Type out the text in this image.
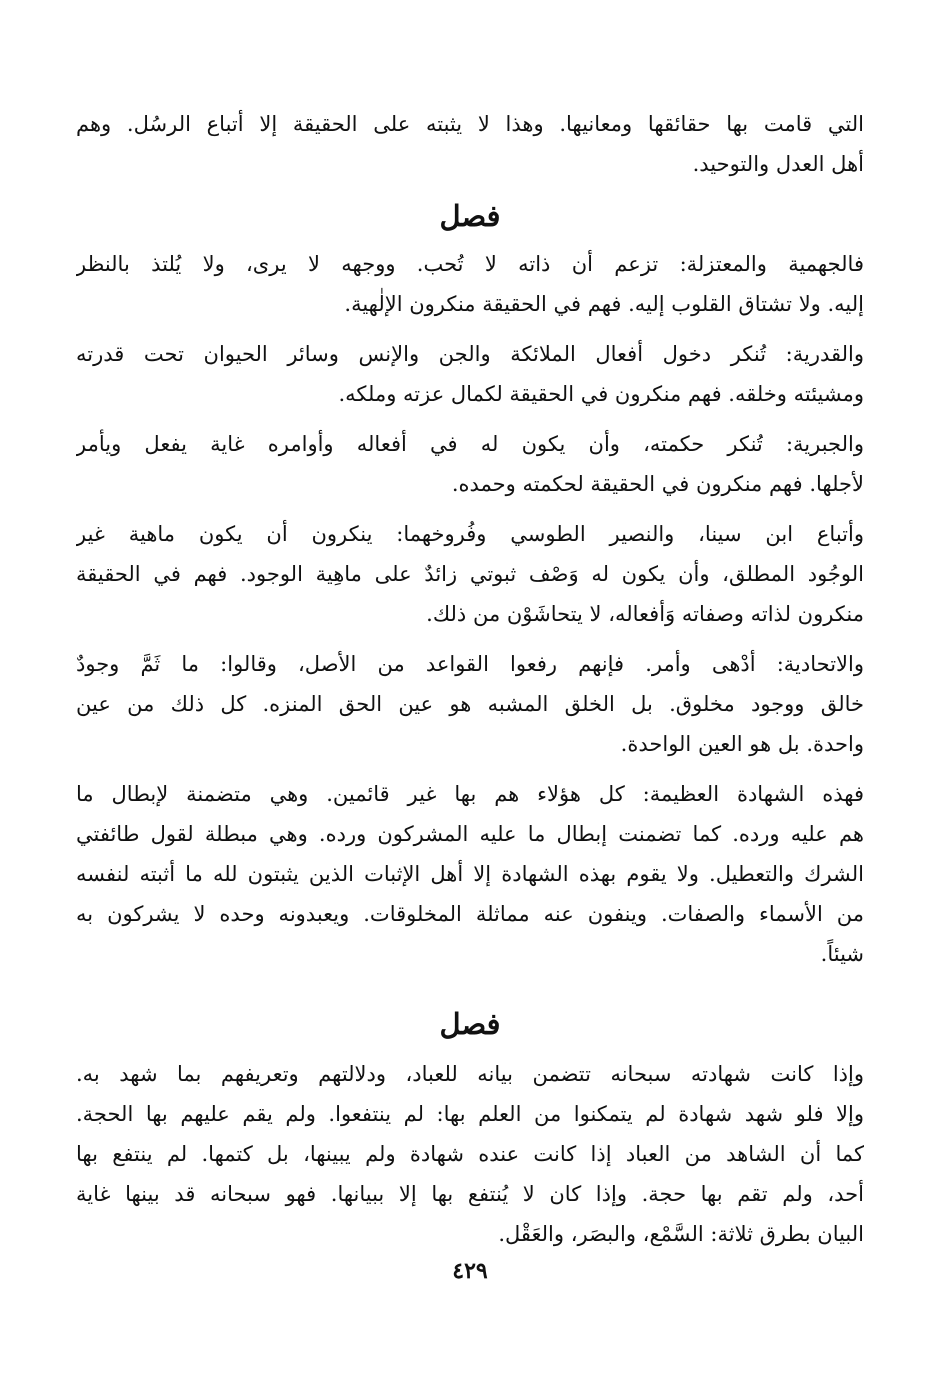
التي قامت بها حقائقها ومعانيها. وهذا لا يثبته على الحقيقة إلا أتباع الرسُل. وهم
أهل العدل والتوحيد.
فصل
فالجهمية والمعتزلة: تزعم أن ذاته لا تُحب. ووجهه لا يرى، ولا يُلتذ بالنظر
إليه. ولا تشتاق القلوب إليه. فهم في الحقيقة منكرون الإلٰهية.
والقدرية: تُنكر دخول أفعال الملائكة والجن والإنس وسائر الحيوان تحت قدرته
ومشيئته وخلقه. فهم منكرون في الحقيقة لكمال عزته وملكه.
والجبرية: تُنكر حكمته، وأن يكون له في أفعاله وأوامره غاية يفعل ويأمر
لأجلها. فهم منكرون في الحقيقة لحكمته وحمده.
وأتباع ابن سينا، والنصير الطوسي وفُروخهما: ينكرون أن يكون ماهية غير
الوجُود المطلق، وأن يكون له وَصْف ثبوتي زائدٌ على ماهِية الوجود. فهم في الحقيقة
منكرون لذاته وصفاته وَأفعاله، لا يتحاشَوْن من ذلك.
والاتحادية: أدْهى وأمر. فإنهم رفعوا القواعد من الأصل، وقالوا: ما ثَمَّ وجودٌ
خالق ووجود مخلوق. بل الخلق المشبه هو عين الحق المنزه. كل ذلك من عين
واحدة. بل هو العين الواحدة.
فهذه الشهادة العظيمة: كل هؤلاء هم بها غير قائمين. وهي متضمنة لإبطال ما
هم عليه ورده. كما تضمنت إبطال ما عليه المشركون ورده. وهي مبطلة لقول طائفتي
الشرك والتعطيل. ولا يقوم بهذه الشهادة إلا أهل الإثبات الذين يثبتون لله ما أثبته لنفسه
من الأسماء والصفات. وينفون عنه مماثلة المخلوقات. ويعبدونه وحده لا يشركون به
شيئاً.
فصل
وإذا كانت شهادته سبحانه تتضمن بيانه للعباد، ودلالتهم وتعريفهم بما شهد به.
وإلا فلو شهد شهادة لم يتمكنوا من العلم بها: لم ينتفعوا. ولم يقم عليهم بها الحجة.
كما أن الشاهد من العباد إذا كانت عنده شهادة ولم يبينها، بل كتمها. لم ينتفع بها
أحد، ولم تقم بها حجة. وإذا كان لا يُنتفع بها إلا ببيانها. فهو سبحانه قد بينها غاية
البيان بطرق ثلاثة: السَّمْع، والبصَر، والعَقْل.
٤٢٩
